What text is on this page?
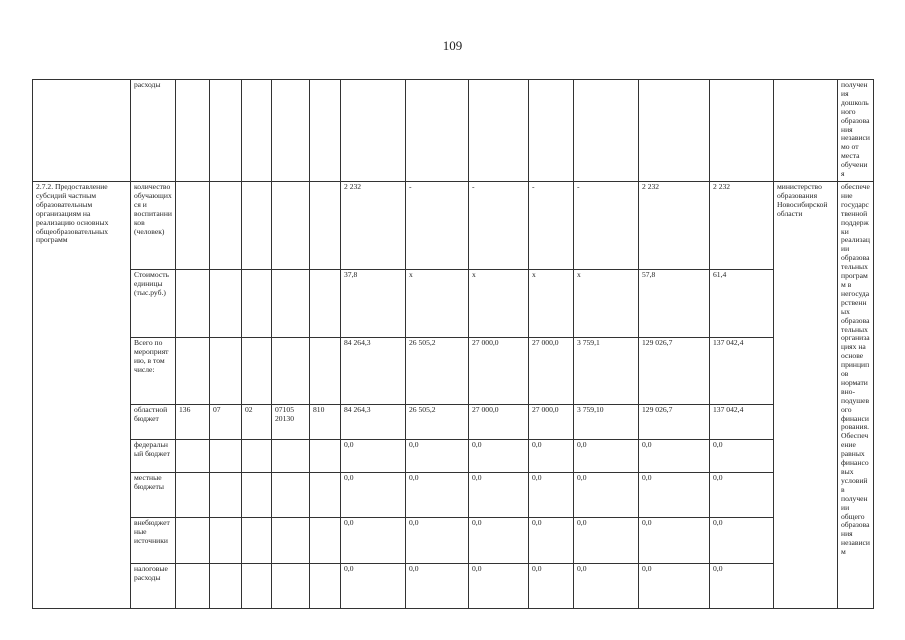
109
	расходы														получения дошкольного образования независимо от места обучения
2.7.2. Предоставление субсидий частным образовательным организациям на реализацию основных общеобразовательных программ	количество обучающихся и воспитанников (человек)						2 232	-	-	-	-	2 232	2 232	министерство образования Новосибирской области	обеспечение государственной поддержки реализации образовательных программ в негосударственных образовательных организациях на основе принципов нормативно-подушевого финансирования. Обеспечение равных финансовых условий в получении общего образования независим
	Стоимость единицы (тыс.руб.)						37,8	х	х	х	х	57,8	61,4		
	Всего по мероприятию, в том числе:						84 264,3	26 505,2	27 000,0	27 000,0	3 759,1	129 026,7	137 042,4		
	областной бюджет	136	07	02	07105 20130	810	84 264,3	26 505,2	27 000,0	27 000,0	3 759,10	129 026,7	137 042,4		
	федеральный бюджет						0,0	0,0	0,0	0,0	0,0	0,0	0,0		
	местные бюджеты						0,0	0,0	0,0	0,0	0,0	0,0	0,0		
	внебюджетные источники						0,0	0,0	0,0	0,0	0,0	0,0	0,0		
	налоговые расходы						0,0	0,0	0,0	0,0	0,0	0,0	0,0		
